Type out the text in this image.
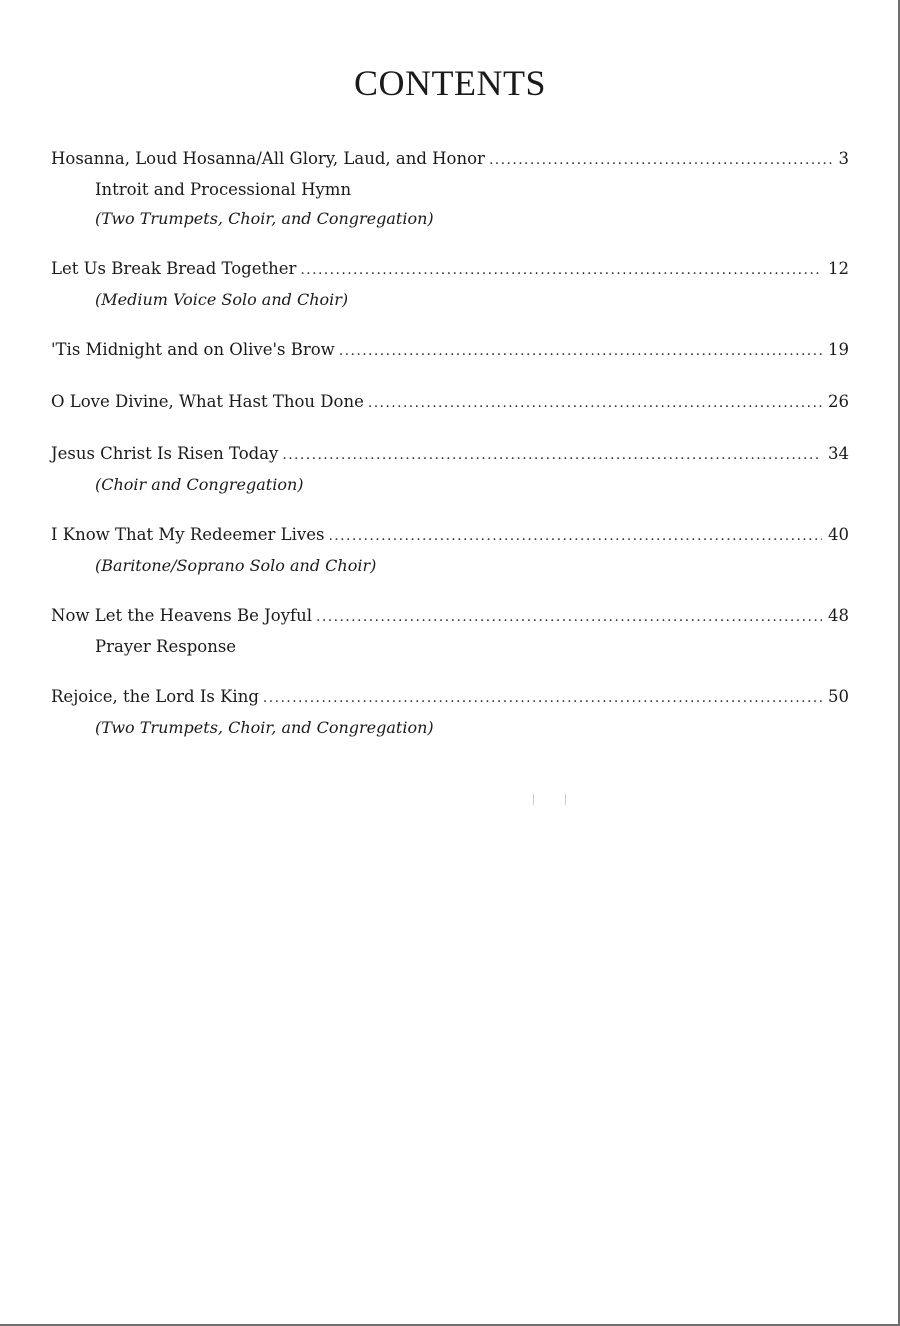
CONTENTS
Hosanna, Loud Hosanna/All Glory, Laud, and Honor .....	3
Introit and Processional Hymn
(Two Trumpets, Choir, and Congregation)
Let Us Break Bread Together .....	12
(Medium Voice Solo and Choir)
'Tis Midnight and on Olive's Brow .....	19
O Love Divine, What Hast Thou Done .....	26
Jesus Christ Is Risen Today .....	34
(Choir and Congregation)
I Know That My Redeemer Lives .....	40
(Baritone/Soprano Solo and Choir)
Now Let the Heavens Be Joyful .....	48
Prayer Response
Rejoice, the Lord Is King .....	50
(Two Trumpets, Choir, and Congregation)
